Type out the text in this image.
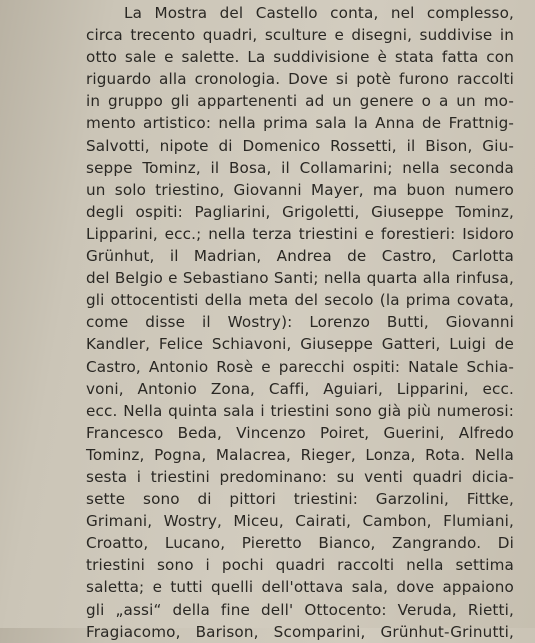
La Mostra del Castello conta, nel complesso,
circa trecento quadri, sculture e disegni, suddivise in
otto sale e salette. La suddivisione è stata fatta con
riguardo alla cronologia. Dove si potè furono raccolti
in gruppo gli appartenenti ad un genere o a un mo-
mento artistico: nella prima sala la Anna de Frattnig-
Salvotti, nipote di Domenico Rossetti, il Bison, Giu-
seppe Tominz, il Bosa, il Collamarini; nella seconda
un solo triestino, Giovanni Mayer, ma buon numero
degli ospiti: Pagliarini, Grigoletti, Giuseppe Tominz,
Lipparini, ecc.; nella terza triestini e forestieri: Isidoro
Grünhut, il Madrian, Andrea de Castro, Carlotta
del Belgio e Sebastiano Santi; nella quarta alla rinfusa,
gli ottocentisti della meta del secolo (la prima covata,
come disse il Wostry): Lorenzo Butti, Giovanni
Kandler, Felice Schiavoni, Giuseppe Gatteri, Luigi de
Castro, Antonio Rosè e parecchi ospiti: Natale Schia-
voni, Antonio Zona, Caffi, Aguiari, Lipparini, ecc.
ecc. Nella quinta sala i triestini sono già più numerosi:
Francesco Beda, Vincenzo Poiret, Guerini, Alfredo
Tominz, Pogna, Malacrea, Rieger, Lonza, Rota. Nella
sesta i triestini predominano: su venti quadri dicia-
sette sono di pittori triestini: Garzolini, Fittke,
Grimani, Wostry, Miceu, Cairati, Cambon, Flumiani,
Croatto, Lucano, Pieretto Bianco, Zangrando. Di
triestini sono i pochi quadri raccolti nella settima
saletta; e tutti quelli dell'ottava sala, dove appaiono
gli „assi“ della fine dell' Ottocento: Veruda, Rietti,
Fragiacomo, Barison, Scomparini, Grünhut-Grinutti,
